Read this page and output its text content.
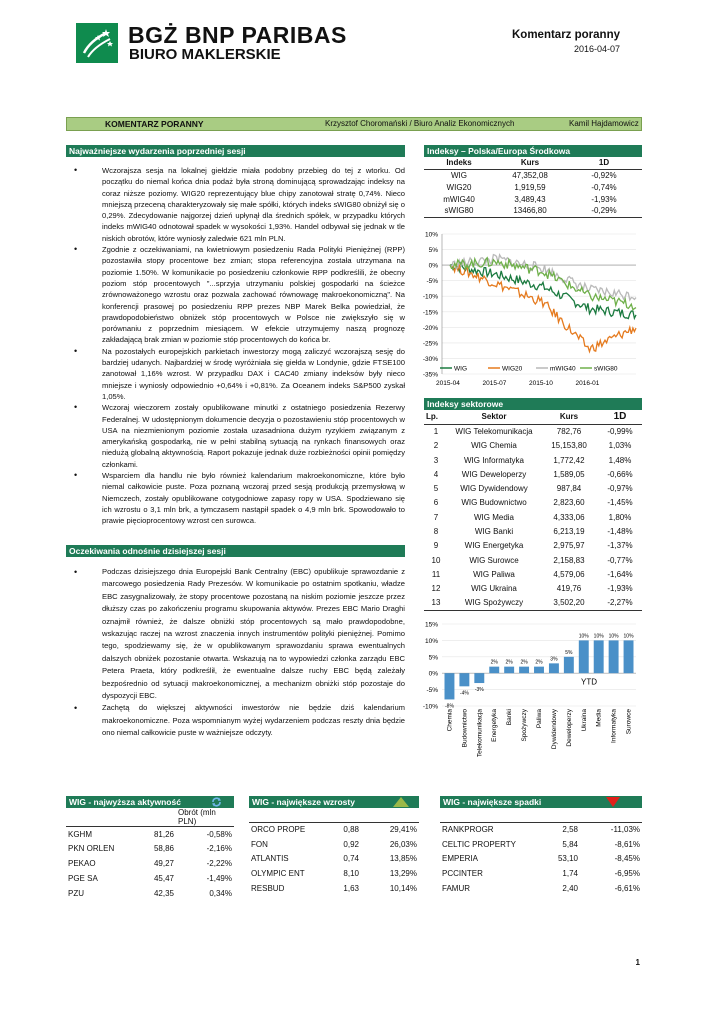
BGŻ BNP PARIBAS
BIURO MAKLERSKIE
Komentarz poranny
2016-04-07
KOMENTARZ PORANNY	Krzysztof Choromański / Biuro Analiz Ekonomicznych	Kamil Hajdamowicz
Najważniejsze wydarzenia poprzedniej sesji
• Wczorajsza sesja na lokalnej giełdzie miała podobny przebieg do tej z wtorku. Od początku do niemal końca dnia podaż była stroną dominującą sprowadzając indeksy na coraz niższe poziomy. WIG20 reprezentujący blue chipy zanotował stratę 0,74%. Nieco mniejszą przeceną charakteryzowały się małe spółki, których indeks sWIG80 obniżył się o 0,29%. Zdecydowanie najgorzej dzień upłynął dla średnich spółek, w przypadku których indeks mWIG40 odnotował spadek w wysokości 1,93%. Handel odbywał się jednak w tle niskich obrotów, które wyniosły zaledwie 621 mln PLN.
• Zgodnie z oczekiwaniami, na kwietniowym posiedzeniu Rada Polityki Pieniężnej (RPP) pozostawiła stopy procentowe bez zmian; stopa referencyjna została utrzymana na poziomie 1.50%. W komunikacie po posiedzeniu członkowie RPP podkreślili, że obecny poziom stóp procentowych "...sprzyja utrzymaniu polskiej gospodarki na ścieżce zrównoważonego wzrostu oraz pozwala zachować równowagę makroekonomiczną". Na konferencji prasowej po posiedzeniu RPP prezes NBP Marek Belka powiedział, że prawdopodobieństwo obniżek stóp procentowych w Polsce nie zwiększyło się w porównaniu z poprzednim miesiącem. W efekcie utrzymujemy naszą prognozę zakładającą brak zmian w poziomie stóp procentowych do końca br.
• Na pozostałych europejskich parkietach inwestorzy mogą zaliczyć wczorajszą sesję do bardziej udanych. Najbardziej w środę wyróżniała się giełda w Londynie, gdzie FTSE100 zanotował 1,16% wzrost. W przypadku DAX i CAC40 zmiany indeksów były nieco mniejsze i wyniosły odpowiednio +0,64% i +0,81%. Za Oceanem indeks S&P500 zyskał 1,05%.
• Wczoraj wieczorem zostały opublikowane minutki z ostatniego posiedzenia Rezerwy Federalnej. W udostępnionym dokumencie decyzja o pozostawieniu stóp procentowych w USA na niezmienionym poziomie została uzasadniona dużym ryzykiem związanym z amerykańską gospodarką, nie w pełni stabilną sytuacją na rynkach finansowych oraz niedużą globalną aktywnością. Raport pokazuje jednak duże rozbieżności opinii pomiędzy członkami.
• Wsparciem dla handlu nie było również kalendarium makroekonomiczne, które było niemal całkowicie puste. Poza poznaną wczoraj przed sesją produkcją przemysłową w Niemczech, zostały opublikowane cotygodniowe zapasy ropy w USA. Spodziewano się ich wzrostu o 3,1 mln brk, a tymczasem nastąpił spadek o 4,9 mln brk. Spowodowało to prawie pięcioprocentowy wzrost cen surowca.
Oczekiwania odnośnie dzisiejszej sesji
• Podczas dzisiejszego dnia Europejski Bank Centralny (EBC) opublikuje sprawozdanie z marcowego posiedzenia Rady Prezesów. W komunikacie po ostatnim spotkaniu, władze EBC zasygnalizowały, że stopy procentowe pozostaną na niskim poziomie jeszcze przez dłuższy czas po zakończeniu programu skupowania aktywów. Prezes EBC Mario Draghi oznajmił również, że dalsze obniżki stóp procentowych są mało prawdopodobne, wskazując raczej na wzrost znaczenia innych instrumentów polityki pieniężnej. Pomimo tego, spodziewamy się, że w opublikowanym sprawozdaniu sprawa ewentualnych dalszych obniżek pozostanie otwarta. Wskazują na to wypowiedzi członka zarządu EBC Petera Praeta, który podkreślił, że ewentualne dalsze ruchy EBC będą zależały bezpośrednio od sytuacji makroekonomicznej, a mechanizm obniżki stóp pozostaje do dyspozycji EBC.
• Zachętą do większej aktywności inwestorów nie będzie dziś kalendarium makroekonomiczne. Poza wspomnianym wyżej wydarzeniem podczas reszty dnia będzie ono niemal całkowicie puste w ważniejsze odczyty.
Indeksy – Polska/Europa Środkowa
Indeks	Kurs	1D
WIG	47,352,08	-0,92%
WIG20	1,919,59	-0,74%
mWIG40	3,489,43	-1,93%
sWIG80	13466,80	-0,29%
10%
5%
0%
-5%
-10%
-15%
-20%
-25%
-30%
-35%
2015-04	2015-07	2015-10	2016-01
WIG	WIG20	mWIG40	sWIG80
Indeksy sektorowe
Lp.	Sektor	Kurs	1D
1	WIG Telekomunikacja	782,76	-0,99%
2	WIG Chemia	15,153,80	1,03%
3	WIG Informatyka	1,772,42	1,48%
4	WIG Deweloperzy	1,589,05	-0,66%
5	WIG Dywidendowy	987,84	-0,97%
6	WIG Budownictwo	2,823,60	-1,45%
7	WIG Media	4,333,06	1,80%
8	WIG Banki	6,213,19	-1,48%
9	WIG Energetyka	2,975,97	-1,37%
10	WIG Surowce	2,158,83	-0,77%
11	WIG Paliwa	4,579,06	-1,64%
12	WIG Ukraina	419,76	-1,93%
13	WIG Spożywczy	3,502,20	-2,27%
15%
10%
5%
0%
-5%
-10% -8%
Chemia
-4%
Budownictwo
-3%
Telekomunikacja
2%
Energetyka
2%
Banki
2%
Spożywczy
2%
Paliwa
3%
Dywidendowy
5%
Deweloperzy
10%
Ukraina
10%
Media
10%
Informatyka
10%
Surowce
YTD
WIG - najwyższa aktywność
	Obrót (mln PLN)	
KGHM	81,26	-0,58%
PKN ORLEN	58,86	-2,16%
PEKAO	49,27	-2,22%
PGE SA	45,47	-1,49%
PZU	42,35	0,34%
WIG - największe wzrosty

ORCO PROPE	0,88	29,41%
FON	0,92	26,03%
ATLANTIS	0,74	13,85%
OLYMPIC ENT	8,10	13,29%
RESBUD	1,63	10,14%
WIG - największe spadki

RANKPROGR	2,58	-11,03%
CELTIC PROPERTY	5,84	-8,61%
EMPERIA	53,10	-8,45%
PCCINTER	1,74	-6,95%
FAMUR	2,40	-6,61%
1
